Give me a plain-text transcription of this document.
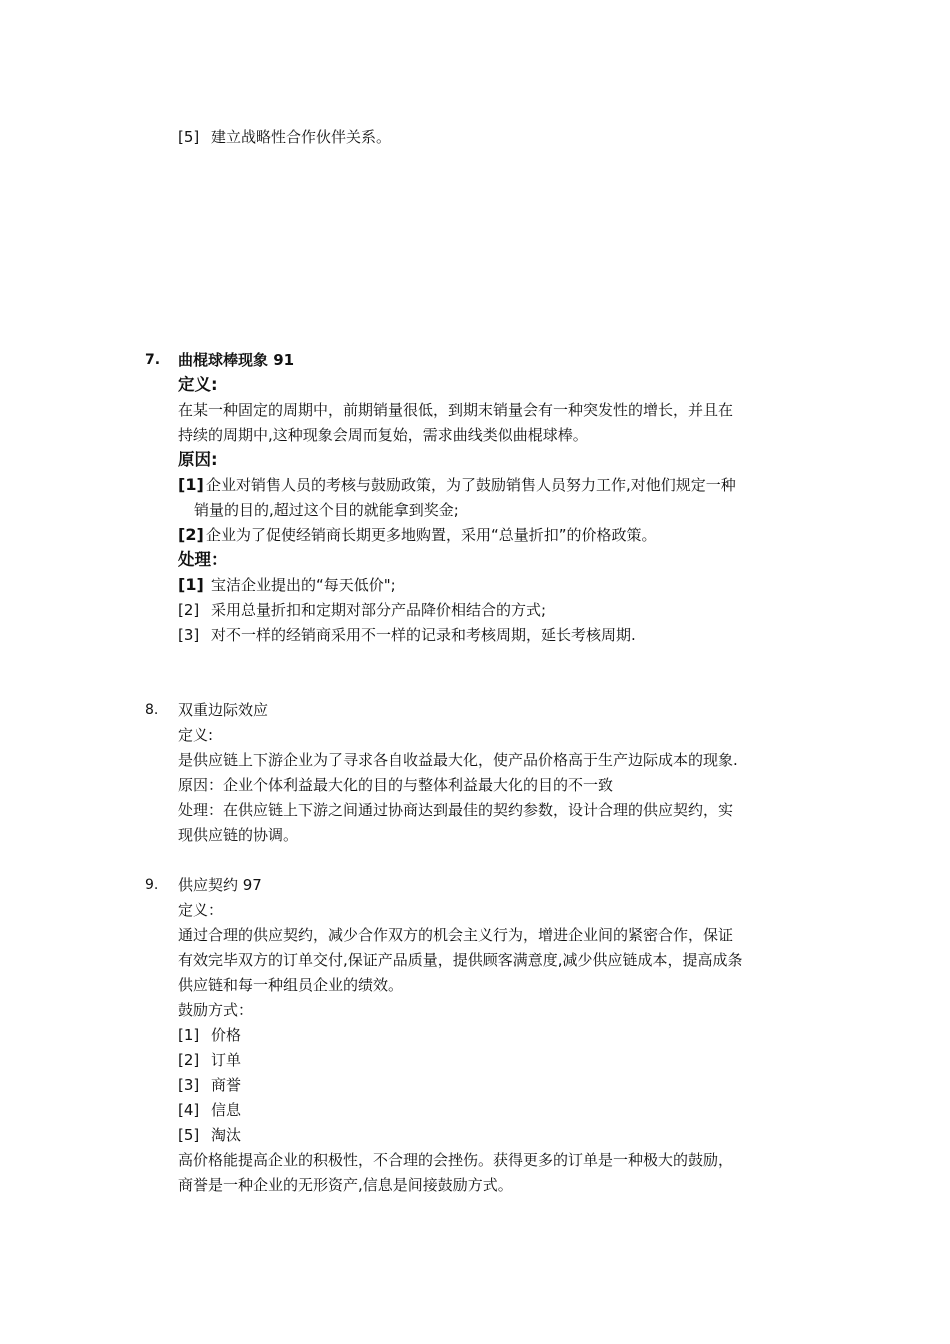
[5] 建立战略性合作伙伴关系。
7. 曲棍球棒现象 91
定义:
在某一种固定的周期中，前期销量很低，到期末销量会有一种突发性的增长，并且在
持续的周期中,这种现象会周而复始，需求曲线类似曲棍球棒。
原因:
[1] 企业对销售人员的考核与鼓励政策，为了鼓励销售人员努力工作,对他们规定一种
销量的目的,超过这个目的就能拿到奖金;
[2] 企业为了促使经销商长期更多地购置，采用“总量折扣”的价格政策。
处理：
[1] 宝洁企业提出的“每天低价";
[2] 采用总量折扣和定期对部分产品降价相结合的方式;
[3] 对不一样的经销商采用不一样的记录和考核周期，延长考核周期.
8. 双重边际效应
定义:
是供应链上下游企业为了寻求各自收益最大化，使产品价格高于生产边际成本的现象.
原因：企业个体利益最大化的目的与整体利益最大化的目的不一致
处理：在供应链上下游之间通过协商达到最佳的契约参数，设计合理的供应契约，实
现供应链的协调。
9. 供应契约 97
定义：
通过合理的供应契约，减少合作双方的机会主义行为，增进企业间的紧密合作，保证
有效完毕双方的订单交付,保证产品质量，提供顾客满意度,减少供应链成本，提高成条
供应链和每一种组员企业的绩效。
鼓励方式：
[1] 价格
[2] 订单
[3] 商誉
[4] 信息
[5] 淘汰
高价格能提高企业的积极性，不合理的会挫伤。获得更多的订单是一种极大的鼓励，
商誉是一种企业的无形资产,信息是间接鼓励方式。
